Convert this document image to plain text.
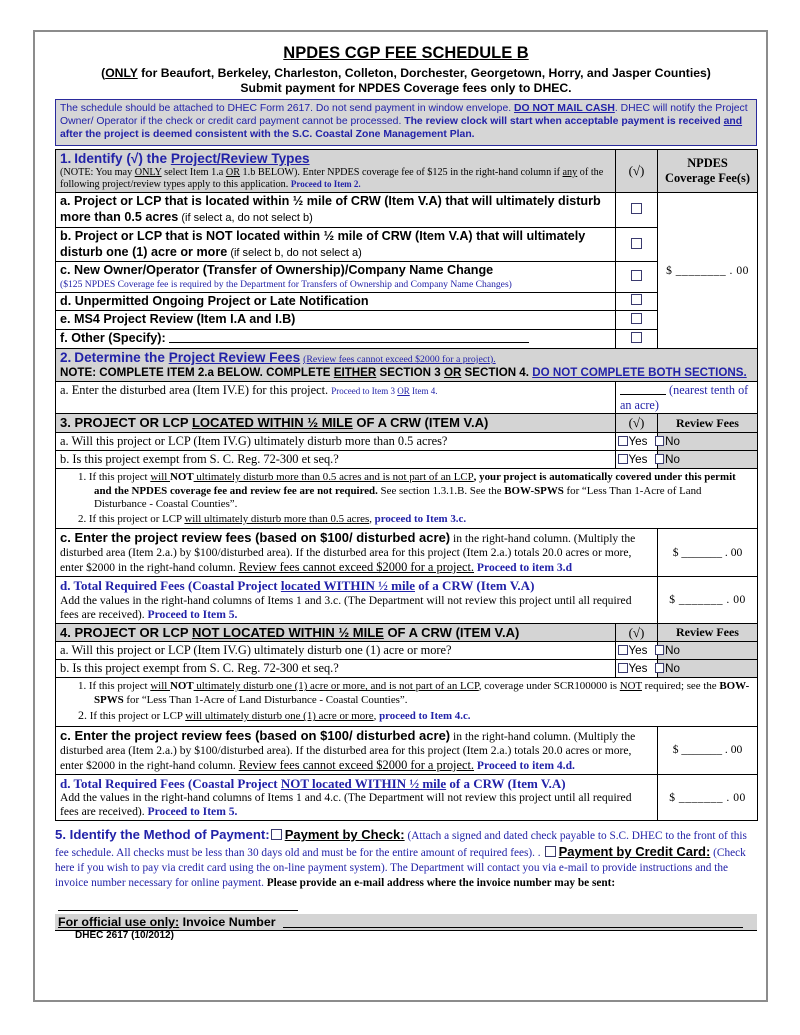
NPDES CGP FEE SCHEDULE B
(ONLY for Beaufort, Berkeley, Charleston, Colleton, Dorchester, Georgetown, Horry, and Jasper Counties)
Submit payment for NPDES Coverage fees only to DHEC.
The schedule should be attached to DHEC Form 2617. Do not send payment in window envelope. DO NOT MAIL CASH. DHEC will notify the Project Owner/ Operator if the check or credit card payment cannot be processed. The review clock will start when acceptable payment is received and after the project is deemed consistent with the S.C. Coastal Zone Management Plan.
1. Identify (√) the Project/Review Types
(NOTE: You may ONLY select Item 1.a OR 1.b BELOW). Enter NPDES coverage fee of $125 in the right-hand column if any of the following project/review types apply to this application. Proceed to Item 2.
	(√)	NPDES
Coverage Fee(s)

a. Project or LCP that is located within ½ mile of CRW (Item V.A) that will ultimately disturb more than 0.5 acres (if select a, do not select b)		$ ________ . 00
b. Project or LCP that is NOT located within ½ mile of CRW (Item V.A) that will ultimately disturb one (1) acre or more (if select b, do not select a)		

c. New Owner/Operator (Transfer of Ownership)/Company Name Change
($125 NPDES Coverage fee is required by the Department for Transfers of Ownership and Company Name Changes)		

d. Unpermitted Ongoing Project or Late Notification		
e. MS4 Project Review (Item I.A and I.B)		
f. Other (Specify):		

2. Determine the Project Review Fees (Review fees cannot exceed $2000 for a project).
NOTE: COMPLETE ITEM 2.a BELOW. COMPLETE EITHER SECTION 3 OR SECTION 4. DO NOT COMPLETE BOTH SECTIONS.		

a. Enter the disturbed area (Item IV.E) for this project. Proceed to Item 3 OR Item 4.	(nearest tenth of an acre)	
3. PROJECT OR LCP LOCATED WITHIN ½ MILE OF A CRW (ITEM V.A)	(√)	Review Fees
a. Will this project or LCP (Item IV.G) ultimately disturb more than 0.5 acres?	Yes No	
b. Is this project exempt from S. C. Reg. 72-300 et seq.?	Yes No	

1. If this project will NOT ultimately disturb more than 0.5 acres and is not part of an LCP, your project is automatically covered under this permit and the NPDES coverage fee and review fee are not required. See section 1.3.1.B. See the BOW-SPWS for “Less Than 1-Acre of Land Disturbance - Coastal Counties”.
2. If this project or LCP will ultimately disturb more than 0.5 acres, proceed to Item 3.c.

c. Enter the project review fees (based on $100/ disturbed acre) in the right-hand column. (Multiply the disturbed area (Item 2.a.) by $100/disturbed area). If the disturbed area for this project (Item 2.a.) totals 20.0 acres or more, enter $2000 in the right-hand column. Review fees cannot exceed $2000 for a project. Proceed to item 3.d		$ _______ . 00

d. Total Required Fees (Coastal Project located WITHIN ½ mile of a CRW (Item V.A)
Add the values in the right-hand columns of Items 1 and 3.c. (The Department will not review this project until all required fees are received). Proceed to Item 5.		$ _______ . 00
4. PROJECT OR LCP NOT LOCATED WITHIN ½ MILE OF A CRW (ITEM V.A)	(√)	Review Fees
a. Will this project or LCP (Item IV.G) ultimately disturb one (1) acre or more?	Yes No	
b. Is this project exempt from S. C. Reg. 72-300 et seq.?	Yes No	

1. If this project will NOT ultimately disturb one (1) acre or more, and is not part of an LCP, coverage under SCR100000 is NOT required; see the BOW-SPWS for “Less Than 1-Acre of Land Disturbance - Coastal Counties”.
2. If this project or LCP will ultimately disturb one (1) acre or more, proceed to Item 4.c.

c. Enter the project review fees (based on $100/ disturbed acre) in the right-hand column. (Multiply the disturbed area (Item 2.a.) by $100/disturbed area). If the disturbed area for this project (Item 2.a.) totals 20.0 acres or more, enter $2000 in the right-hand column. Review fees cannot exceed $2000 for a project. Proceed to item 4.d.		$ _______ . 00

d. Total Required Fees (Coastal Project NOT located WITHIN ½ mile of a CRW (Item V.A)
Add the values in the right-hand columns of Items 1 and 4.c. (The Department will not review this project until all required fees are received). Proceed to Item 5.		$ _______ . 00
5. Identify the Method of Payment: Payment by Check: (Attach a signed and dated check payable to S.C. DHEC to the front of this fee schedule. All checks must be less than 30 days old and must be for the entire amount of required fees). . Payment by Credit Card: (Check here if you wish to pay via credit card using the on-line payment system). The Department will contact you via e-mail to provide instructions and the invoice number necessary for online payment. Please provide an e-mail address where the invoice number may be sent:
For official use only: Invoice Number
DHEC 2617 (10/2012)
